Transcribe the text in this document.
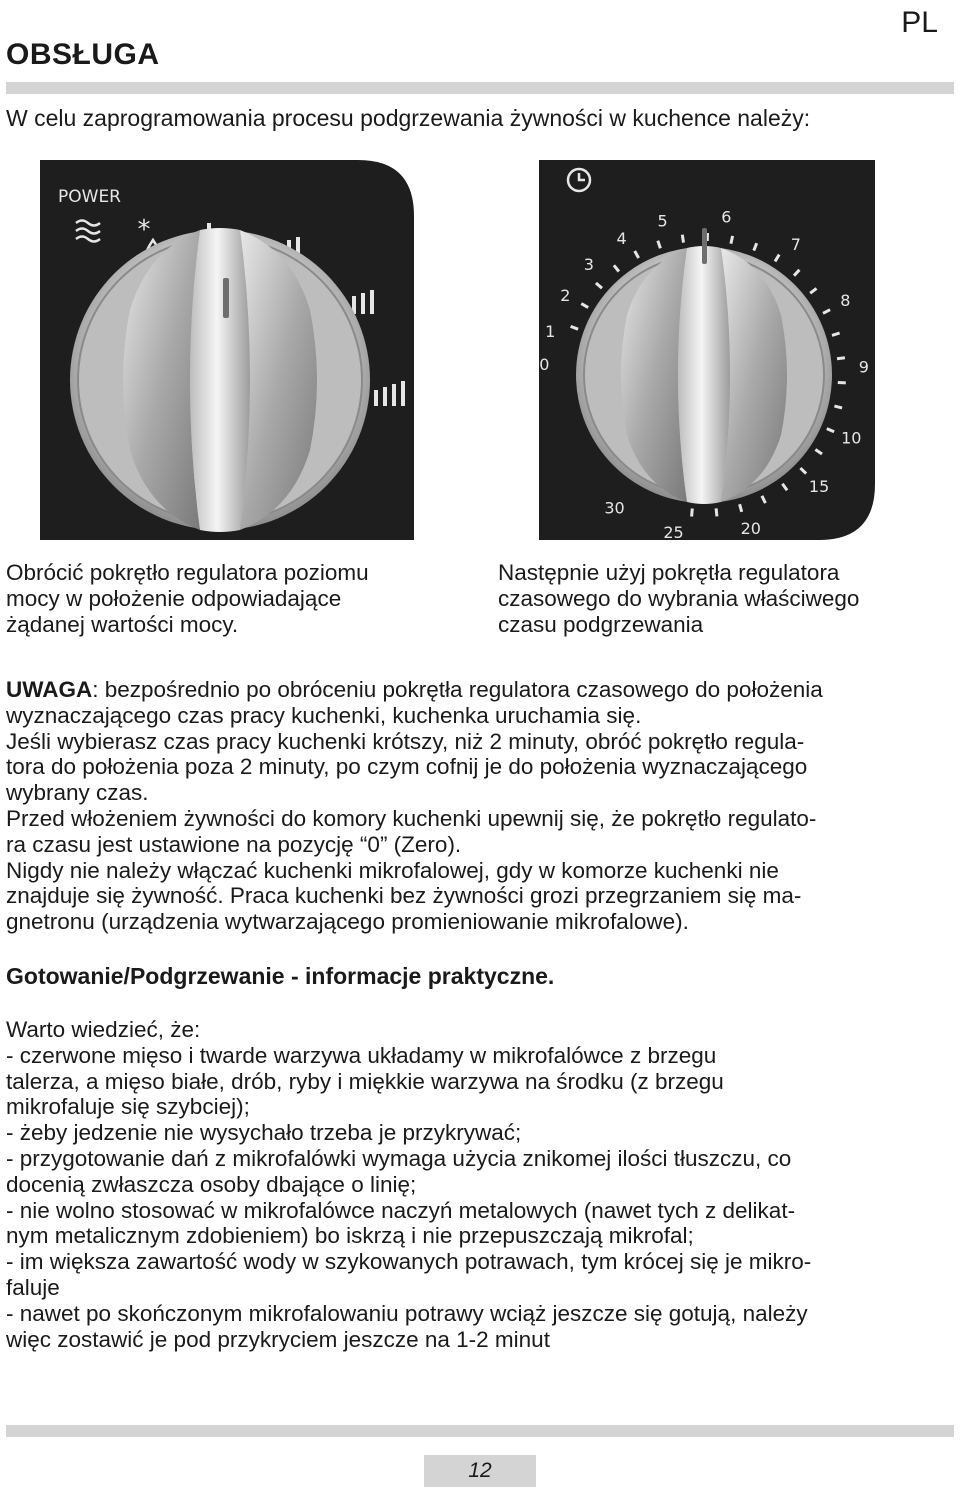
PL
OBSŁUGA
W celu zaprogramowania procesu podgrzewania żywności w kuchence należy:
POWER
*
0
1
2
3
4
5	6
7
8
9
10
15
20
25
30
Obrócić pokrętło regulatora poziomu
mocy w położenie odpowiadające
żądanej wartości mocy.
Następnie użyj pokrętła regulatora
czasowego do wybrania właściwego
czasu podgrzewania

UWAGA: bezpośrednio po obróceniu pokrętła regulatora czasowego do położenia

wyznaczającego czas pracy kuchenki, kuchenka uruchamia się.

Jeśli wybierasz czas pracy kuchenki krótszy, niż 2 minuty, obróć pokrętło regula-

tora do położenia poza 2 minuty, po czym cofnij je do położenia wyznaczającego

wybrany czas.

Przed włożeniem żywności do komory kuchenki upewnij się, że pokrętło regulato-

ra czasu jest ustawione na pozycję “0” (Zero).

Nigdy nie należy włączać kuchenki mikrofalowej, gdy w komorze kuchenki nie

znajduje się żywność. Praca kuchenki bez żywności grozi przegrzaniem się ma-

gnetronu (urządzenia wytwarzającego promieniowanie mikrofalowe).

Gotowanie/Podgrzewanie - informacje praktyczne.

Warto wiedzieć, że:

- czerwone mięso i twarde warzywa układamy w mikrofalówce z brzegu

talerza, a mięso białe, drób, ryby i miękkie warzywa na środku (z brzegu

mikrofaluje się szybciej);

- żeby jedzenie nie wysychało trzeba je przykrywać;

- przygotowanie dań z mikrofalówki wymaga użycia znikomej ilości tłuszczu, co

docenią zwłaszcza osoby dbające o linię;

- nie wolno stosować w mikrofalówce naczyń metalowych (nawet tych z delikat-

nym metalicznym zdobieniem) bo iskrzą i nie przepuszczają mikrofal;

- im większa zawartość wody w szykowanych potrawach, tym krócej się je mikro-

faluje

- nawet po skończonym mikrofalowaniu potrawy wciąż jeszcze się gotują, należy

więc zostawić je pod przykryciem jeszcze na 1-2 minut

12
